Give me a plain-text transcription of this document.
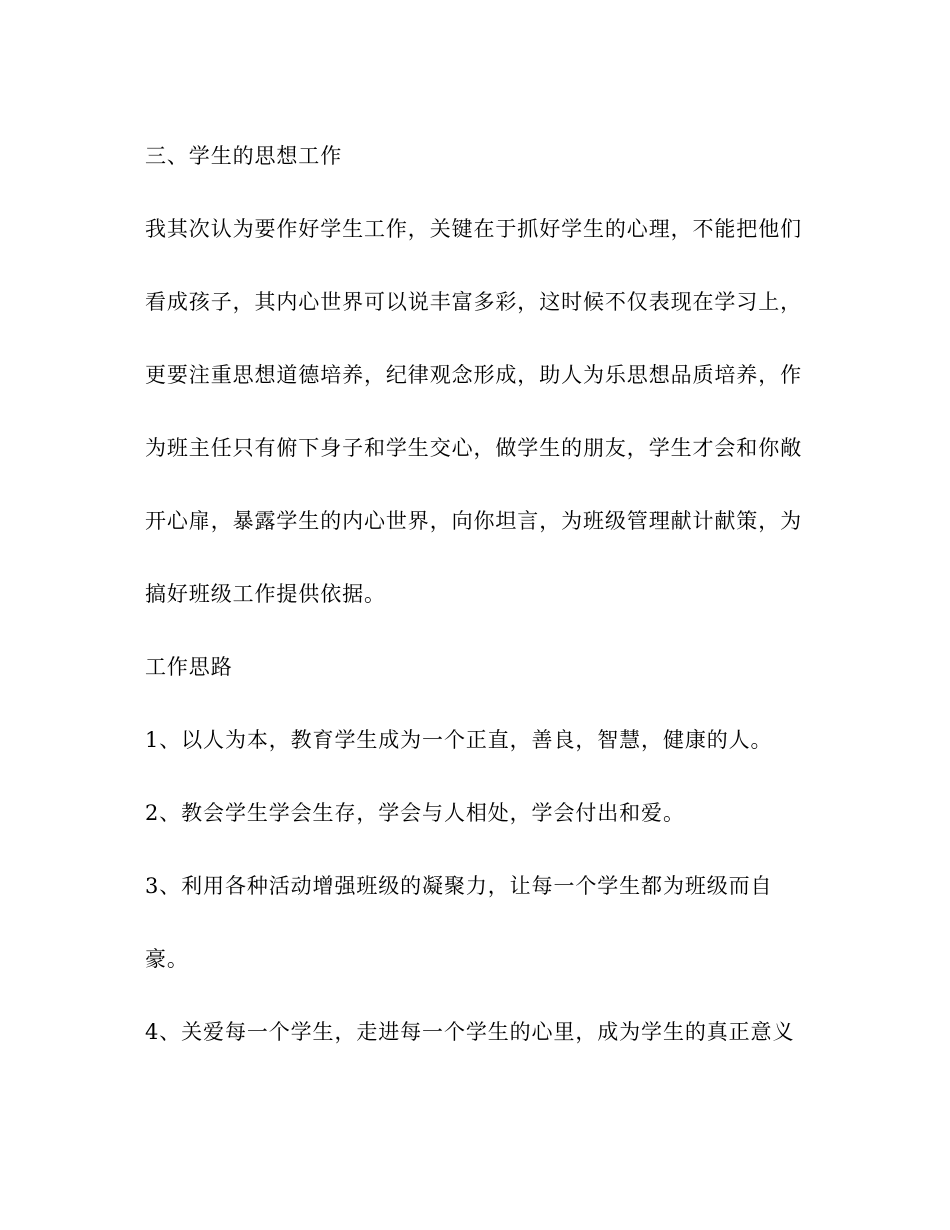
三、学生的思想工作
我其次认为要作好学生工作，关键在于抓好学生的心理，不能把他们
看成孩子，其内心世界可以说丰富多彩，这时候不仅表现在学习上，
更要注重思想道德培养，纪律观念形成，助人为乐思想品质培养，作
为班主任只有俯下身子和学生交心，做学生的朋友，学生才会和你敞
开心扉，暴露学生的内心世界，向你坦言，为班级管理献计献策，为
搞好班级工作提供依据。
工作思路
1、以人为本，教育学生成为一个正直，善良，智慧，健康的人。
2、教会学生学会生存，学会与人相处，学会付出和爱。
3、利用各种活动增强班级的凝聚力，让每一个学生都为班级而自
豪。
4、关爱每一个学生，走进每一个学生的心里，成为学生的真正意义
